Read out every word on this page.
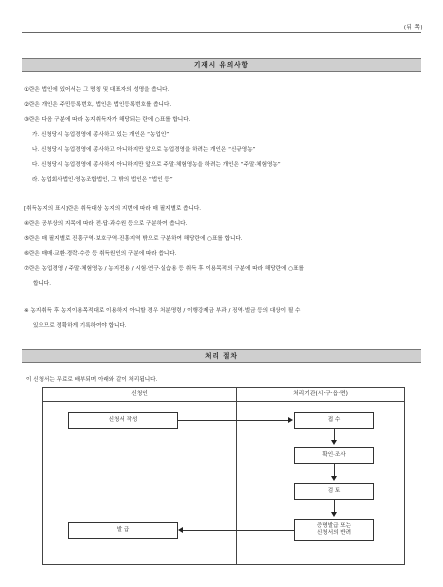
(뒤 쪽)
기재시 유의사항
①란은 법인에 있어서는 그 명칭 및 대표자의 성명을 씁니다.
②란은 개인은 주민등록번호, 법인은 법인등록번호를 씁니다.
③란은 다음 구분에 따라 농지취득자가 해당되는 란에 ○표를 합니다.
가. 신청당시 농업경영에 종사하고 있는 개인은 “농업인”
나. 신청당시 농업경영에 종사하고 아니하지만 앞으로 농업경영을 하려는 개인은 “신규영농”
다. 신청당시 농업경영에 종사하지 아니하지만 앞으로 주말·체험영농을 하려는 개인은 “주말·체험영농”
라. 농업회사법인·영농조합법인, 그 밖의 법인은 “법인 등”
[취득농지의 표시]란은 취득대상 농지의 지번에 따라 매 필지별로 씁니다.
④란은 공부상의 지목에 따라 전·답·과수원 등으로 구분하여 씁니다.
⑤란은 매 필지별로 진흥구역·보호구역·진흥지역 밖으로 구분하여 해당란에 ○표를 합니다.
⑥란은 매매·교환·경락·수증 등 취득원인의 구분에 따라 씁니다.
⑦란은 농업경영 / 주말·체험영농 / 농지전용 / 시험·연구·실습용 등 취득 후 이용목적의 구분에 따라 해당란에 ○표를
합니다.
※ 농지취득 후 농지이용목적대로 이용하지 아니할 경우 처분명령 / 이행강제금 부과 / 징역·벌금 등의 대상이 될 수
있으므로 정확하게 기록하여야 합니다.
처리 절차
이 신청서는 무료로 배부되며 아래와 같이 처리됩니다.
신청인	처리기관(시·구·읍·면)
신청서 작성	접 수
확인·조사
검 토
증명발급 또는
신청서의 반려
발 급
